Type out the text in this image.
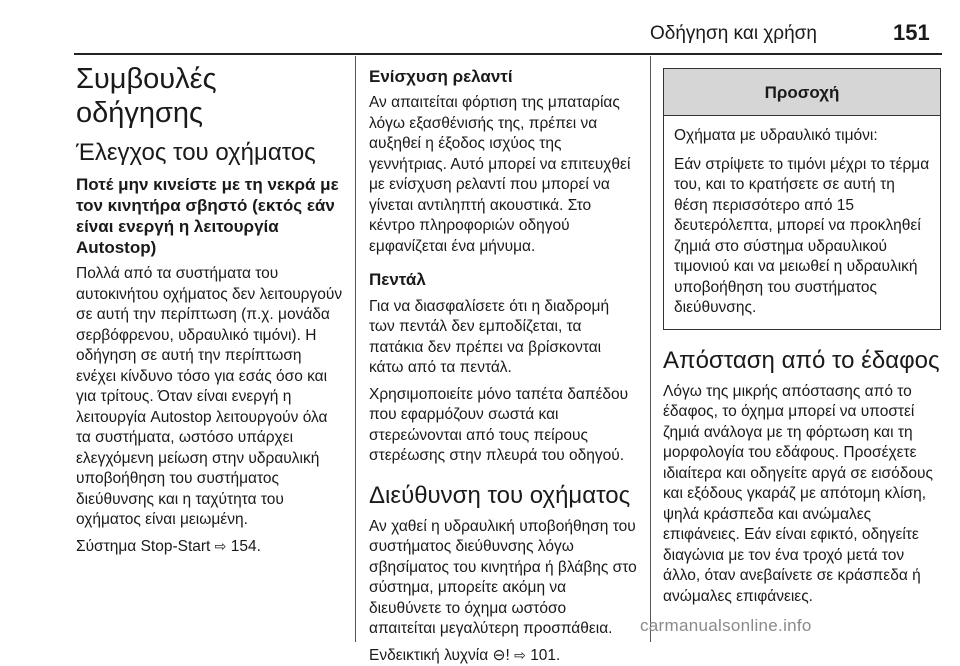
Οδήγηση και χρήση	151
Συμβουλές οδήγησης
Έλεγχος του οχήματος
Ποτέ μην κινείστε με τη νεκρά με τον κινητήρα σβηστό (εκτός εάν είναι ενεργή η λειτουργία Autostop)
Πολλά από τα συστήματα του αυτοκινήτου οχήματος δεν λειτουργούν σε αυτή την περίπτωση (π.χ. μονάδα σερβόφρενου, υδραυλικό τιμόνι). Η οδήγηση σε αυτή την περίπτωση ενέχει κίνδυνο τόσο για εσάς όσο και για τρίτους. Όταν είναι ενεργή η λειτουργία Autostop λειτουργούν όλα τα συστήματα, ωστόσο υπάρχει ελεγχόμενη μείωση στην υδραυλική υποβοήθηση του συστήματος διεύθυνσης και η ταχύτητα του οχήματος είναι μειωμένη.
Σύστημα Stop-Start ⇨ 154.
Ενίσχυση ρελαντί
Αν απαιτείται φόρτιση της μπαταρίας λόγω εξασθένισής της, πρέπει να αυξηθεί η έξοδος ισχύος της γεννήτριας. Αυτό μπορεί να επιτευχθεί με ενίσχυση ρελαντί που μπορεί να γίνεται αντιληπτή ακουστικά. Στο κέντρο πληροφοριών οδηγού εμφανίζεται ένα μήνυμα.
Πεντάλ
Για να διασφαλίσετε ότι η διαδρομή των πεντάλ δεν εμποδίζεται, τα πατάκια δεν πρέπει να βρίσκονται κάτω από τα πεντάλ.
Χρησιμοποιείτε μόνο ταπέτα δαπέδου που εφαρμόζουν σωστά και στερεώνονται από τους πείρους στερέωσης στην πλευρά του οδηγού.
Διεύθυνση του οχήματος
Αν χαθεί η υδραυλική υποβοήθηση του συστήματος διεύθυνσης λόγω σβησίματος του κινητήρα ή βλάβης στο σύστημα, μπορείτε ακόμη να διευθύνετε το όχημα ωστόσο απαιτείται μεγαλύτερη προσπάθεια.
Ενδεικτική λυχνία ⊖! ⇨ 101.
Προσοχή
Οχήματα με υδραυλικό τιμόνι:
Εάν στρίψετε το τιμόνι μέχρι το τέρμα του, και το κρατήσετε σε αυτή τη θέση περισσότερο από 15 δευτερόλεπτα, μπορεί να προκληθεί ζημιά στο σύστημα υδραυλικού τιμονιού και να μειωθεί η υδραυλική υποβοήθηση του συστήματος διεύθυνσης.
Απόσταση από το έδαφος
Λόγω της μικρής απόστασης από το έδαφος, το όχημα μπορεί να υποστεί ζημιά ανάλογα με τη φόρτωση και τη μορφολογία του εδάφους. Προσέχετε ιδιαίτερα και οδηγείτε αργά σε εισόδους και εξόδους γκαράζ με απότομη κλίση, ψηλά κράσπεδα και ανώμαλες επιφάνειες. Εάν είναι εφικτό, οδηγείτε διαγώνια με τον ένα τροχό μετά τον άλλο, όταν ανεβαίνετε σε κράσπεδα ή ανώμαλες επιφάνειες.
carmanualsonline.info
